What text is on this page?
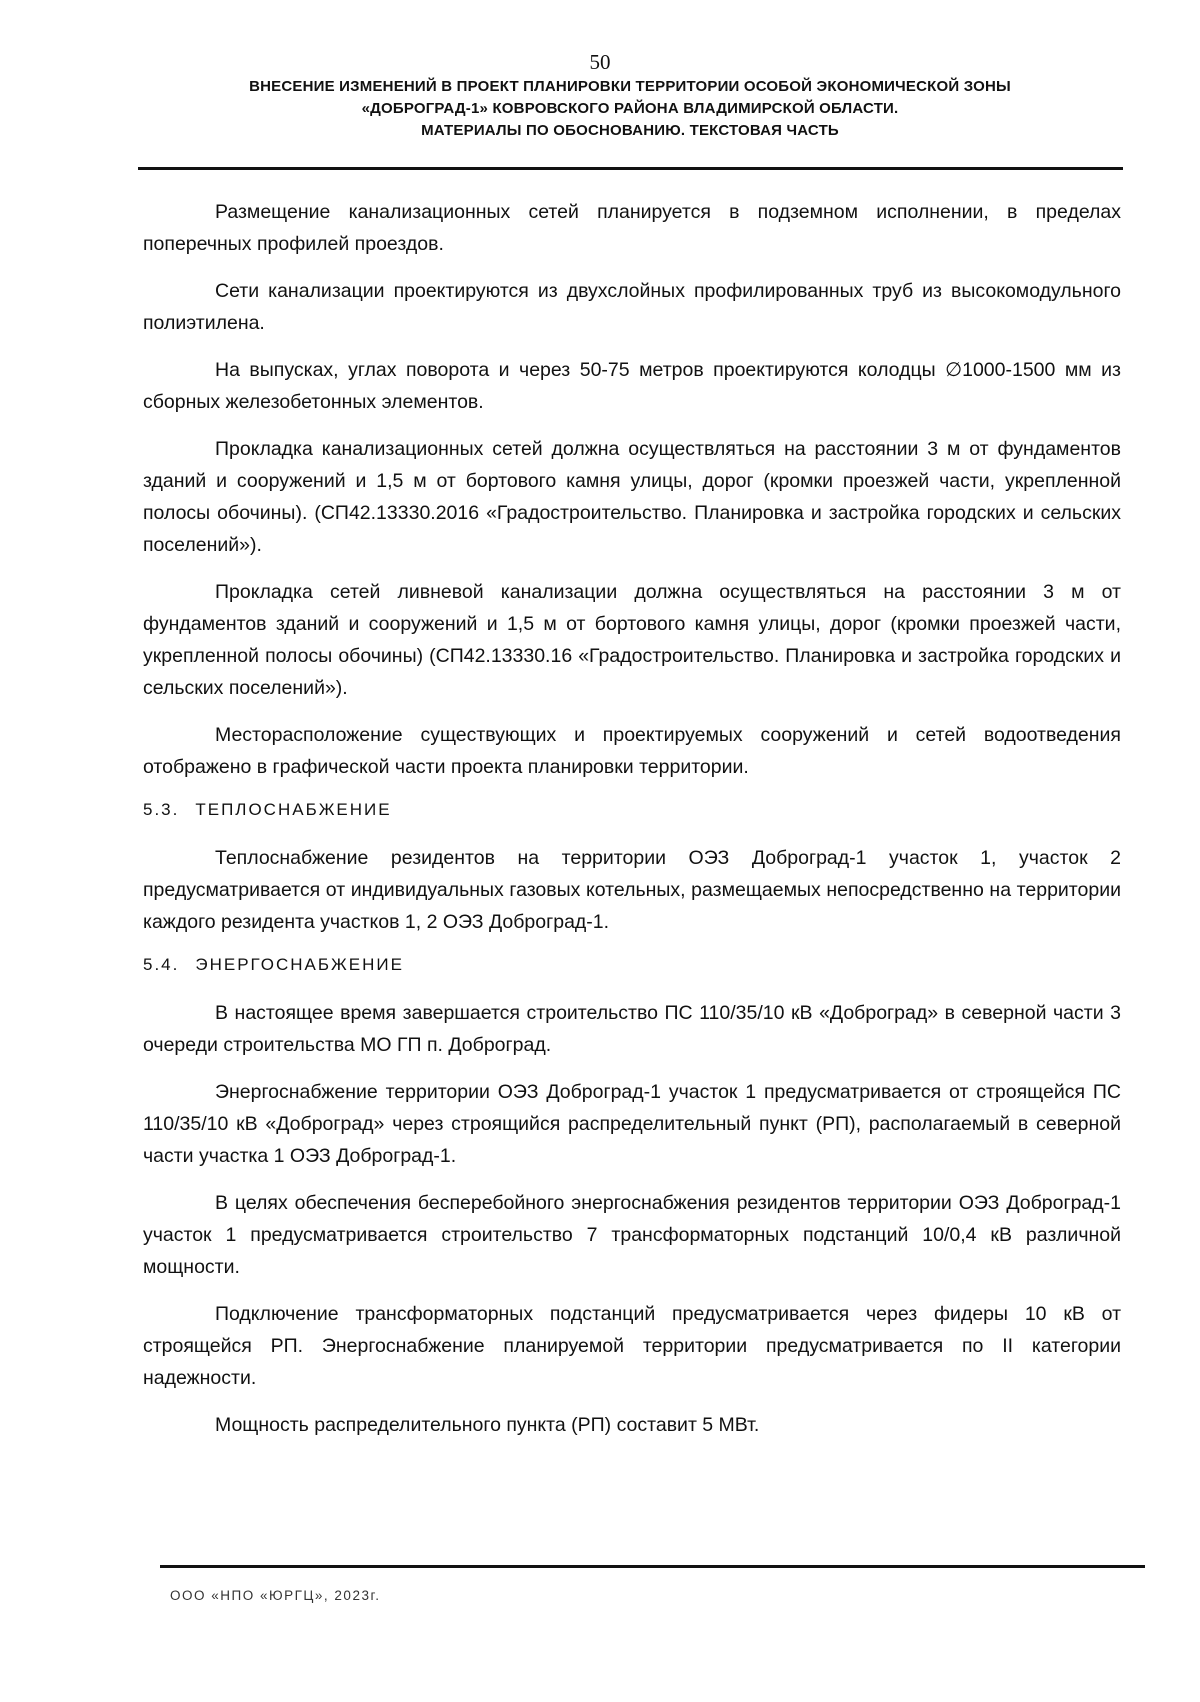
50
ВНЕСЕНИЕ ИЗМЕНЕНИЙ В ПРОЕКТ ПЛАНИРОВКИ ТЕРРИТОРИИ ОСОБОЙ ЭКОНОМИЧЕСКОЙ ЗОНЫ
«ДОБРОГРАД-1» КОВРОВСКОГО РАЙОНА ВЛАДИМИРСКОЙ ОБЛАСТИ.
МАТЕРИАЛЫ ПО ОБОСНОВАНИЮ. ТЕКСТОВАЯ ЧАСТЬ

Размещение канализационных сетей планируется в подземном исполнении, в пределах поперечных профилей проездов.

Сети канализации проектируются из двухслойных профилированных труб из высокомодульного полиэтилена.

На выпусках, углах поворота и через 50-75 метров проектируются колодцы ∅1000-1500 мм из сборных железобетонных элементов.

Прокладка канализационных сетей должна осуществляться на расстоянии 3 м от фундаментов зданий и сооружений и 1,5 м от бортового камня улицы, дорог (кромки проезжей части, укрепленной полосы обочины). (СП42.13330.2016 «Градостроительство. Планировка и застройка городских и сельских поселений»).

Прокладка сетей ливневой канализации должна осуществляться на расстоянии 3 м от фундаментов зданий и сооружений и 1,5 м от бортового камня улицы, дорог (кромки проезжей части, укрепленной полосы обочины) (СП42.13330.16 «Градостроительство. Планировка и застройка городских и сельских поселений»).

Месторасположение существующих и проектируемых сооружений и сетей водоотведения отображено в графической части проекта планировки территории.

5.3. ТЕПЛОСНАБЖЕНИЕ

Теплоснабжение резидентов на территории ОЭЗ Доброград-1 участок 1, участок 2 предусматривается от индивидуальных газовых котельных, размещаемых непосредственно на территории каждого резидента участков 1, 2 ОЭЗ Доброград-1.

5.4. ЭНЕРГОСНАБЖЕНИЕ

В настоящее время завершается строительство ПС 110/35/10 кВ «Доброград» в северной части 3 очереди строительства МО ГП п. Доброград.

Энергоснабжение территории ОЭЗ Доброград-1 участок 1 предусматривается от строящейся ПС 110/35/10 кВ «Доброград» через строящийся распределительный пункт (РП), располагаемый в северной части участка 1 ОЭЗ Доброград-1.

В целях обеспечения бесперебойного энергоснабжения резидентов территории ОЭЗ Доброград-1 участок 1 предусматривается строительство 7 трансформаторных подстанций 10/0,4 кВ различной мощности.

Подключение трансформаторных подстанций предусматривается через фидеры 10 кВ от строящейся РП. Энергоснабжение планируемой территории предусматривается по II категории надежности.

Мощность распределительного пункта (РП) составит 5 МВт.

ООО «НПО «ЮРГЦ», 2023г.
